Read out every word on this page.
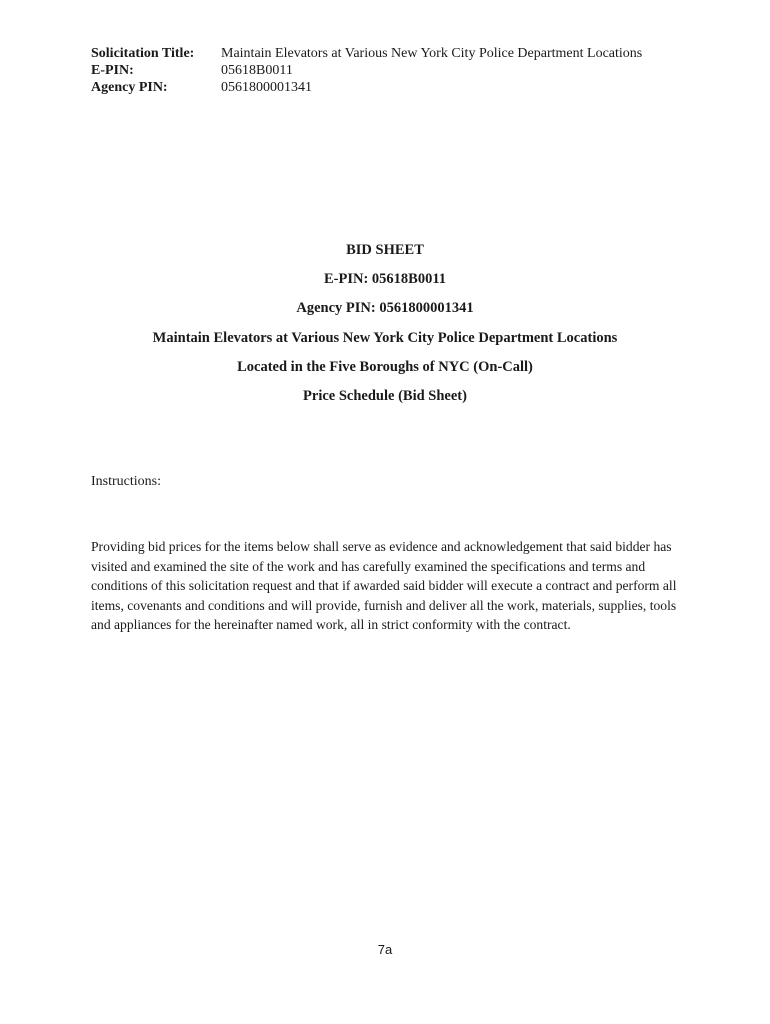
Solicitation Title:	Maintain Elevators at Various New York City Police Department Locations
E-PIN:	05618B0011
Agency PIN:	0561800001341
BID SHEET
E-PIN: 05618B0011
Agency PIN: 0561800001341
Maintain Elevators at Various New York City Police Department Locations
Located in the Five Boroughs of NYC (On-Call)
Price Schedule (Bid Sheet)
Instructions:
Providing bid prices for the items below shall serve as evidence and acknowledgement that said bidder has visited and examined the site of the work and has carefully examined the specifications and terms and conditions of this solicitation request and that if awarded said bidder will execute a contract and perform all items, covenants and conditions and will provide, furnish and deliver all the work, materials, supplies, tools and appliances for the hereinafter named work, all in strict conformity with the contract.
7a
